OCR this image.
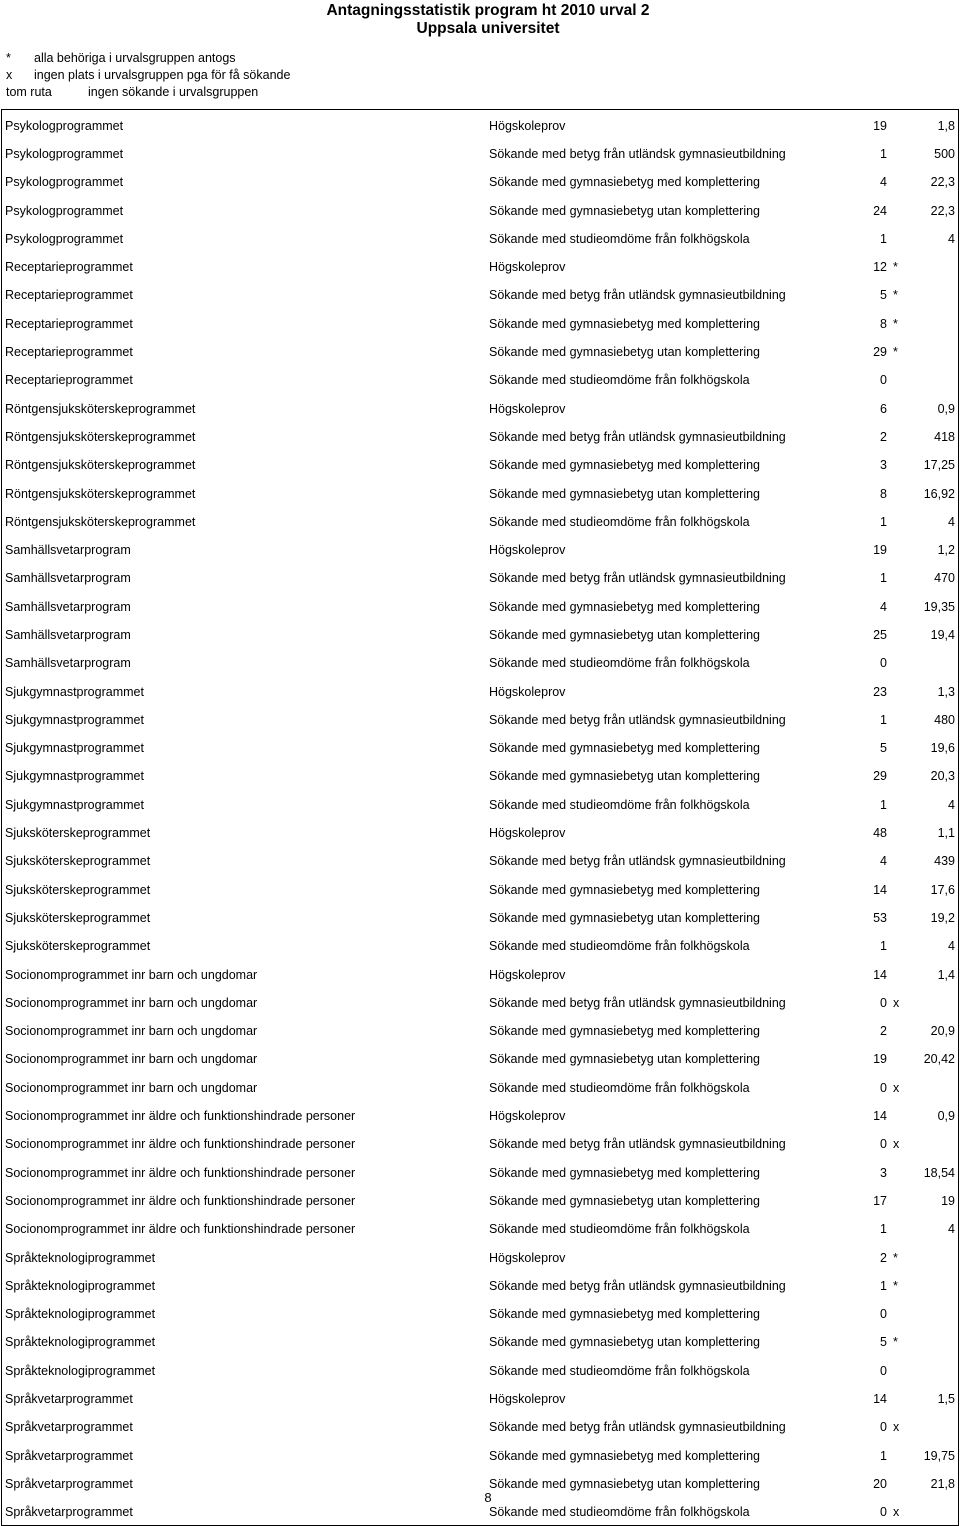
Antagningsstatistik program ht 2010 urval 2
Uppsala universitet
*	alla behöriga i urvalsgruppen antogs
x	ingen plats i urvalsgruppen pga för få sökande
tom ruta	ingen sökande i urvalsgruppen
Psykologprogrammet	Högskoleprov	19		1,8
Psykologprogrammet	Sökande med betyg från utländsk gymnasieutbildning	1		500
Psykologprogrammet	Sökande med gymnasiebetyg med komplettering	4		22,3
Psykologprogrammet	Sökande med gymnasiebetyg utan komplettering	24		22,3
Psykologprogrammet	Sökande med studieomdöme från folkhögskola	1		4
Receptarieprogrammet	Högskoleprov	12	*	
Receptarieprogrammet	Sökande med betyg från utländsk gymnasieutbildning	5	*	
Receptarieprogrammet	Sökande med gymnasiebetyg med komplettering	8	*	
Receptarieprogrammet	Sökande med gymnasiebetyg utan komplettering	29	*	
Receptarieprogrammet	Sökande med studieomdöme från folkhögskola	0		
Röntgensjuksköterskeprogrammet	Högskoleprov	6		0,9
Röntgensjuksköterskeprogrammet	Sökande med betyg från utländsk gymnasieutbildning	2		418
Röntgensjuksköterskeprogrammet	Sökande med gymnasiebetyg med komplettering	3		17,25
Röntgensjuksköterskeprogrammet	Sökande med gymnasiebetyg utan komplettering	8		16,92
Röntgensjuksköterskeprogrammet	Sökande med studieomdöme från folkhögskola	1		4
Samhällsvetarprogram	Högskoleprov	19		1,2
Samhällsvetarprogram	Sökande med betyg från utländsk gymnasieutbildning	1		470
Samhällsvetarprogram	Sökande med gymnasiebetyg med komplettering	4		19,35
Samhällsvetarprogram	Sökande med gymnasiebetyg utan komplettering	25		19,4
Samhällsvetarprogram	Sökande med studieomdöme från folkhögskola	0		
Sjukgymnastprogrammet	Högskoleprov	23		1,3
Sjukgymnastprogrammet	Sökande med betyg från utländsk gymnasieutbildning	1		480
Sjukgymnastprogrammet	Sökande med gymnasiebetyg med komplettering	5		19,6
Sjukgymnastprogrammet	Sökande med gymnasiebetyg utan komplettering	29		20,3
Sjukgymnastprogrammet	Sökande med studieomdöme från folkhögskola	1		4
Sjuksköterskeprogrammet	Högskoleprov	48		1,1
Sjuksköterskeprogrammet	Sökande med betyg från utländsk gymnasieutbildning	4		439
Sjuksköterskeprogrammet	Sökande med gymnasiebetyg med komplettering	14		17,6
Sjuksköterskeprogrammet	Sökande med gymnasiebetyg utan komplettering	53		19,2
Sjuksköterskeprogrammet	Sökande med studieomdöme från folkhögskola	1		4
Socionomprogrammet inr barn och ungdomar	Högskoleprov	14		1,4
Socionomprogrammet inr barn och ungdomar	Sökande med betyg från utländsk gymnasieutbildning	0	x	
Socionomprogrammet inr barn och ungdomar	Sökande med gymnasiebetyg med komplettering	2		20,9
Socionomprogrammet inr barn och ungdomar	Sökande med gymnasiebetyg utan komplettering	19		20,42
Socionomprogrammet inr barn och ungdomar	Sökande med studieomdöme från folkhögskola	0	x	
Socionomprogrammet inr äldre och funktionshindrade personer	Högskoleprov	14		0,9
Socionomprogrammet inr äldre och funktionshindrade personer	Sökande med betyg från utländsk gymnasieutbildning	0	x	
Socionomprogrammet inr äldre och funktionshindrade personer	Sökande med gymnasiebetyg med komplettering	3		18,54
Socionomprogrammet inr äldre och funktionshindrade personer	Sökande med gymnasiebetyg utan komplettering	17		19
Socionomprogrammet inr äldre och funktionshindrade personer	Sökande med studieomdöme från folkhögskola	1		4
Språkteknologiprogrammet	Högskoleprov	2	*	
Språkteknologiprogrammet	Sökande med betyg från utländsk gymnasieutbildning	1	*	
Språkteknologiprogrammet	Sökande med gymnasiebetyg med komplettering	0		
Språkteknologiprogrammet	Sökande med gymnasiebetyg utan komplettering	5	*	
Språkteknologiprogrammet	Sökande med studieomdöme från folkhögskola	0		
Språkvetarprogrammet	Högskoleprov	14		1,5
Språkvetarprogrammet	Sökande med betyg från utländsk gymnasieutbildning	0	x	
Språkvetarprogrammet	Sökande med gymnasiebetyg med komplettering	1		19,75
Språkvetarprogrammet	Sökande med gymnasiebetyg utan komplettering	20		21,8
Språkvetarprogrammet	Sökande med studieomdöme från folkhögskola	0	x	
8
